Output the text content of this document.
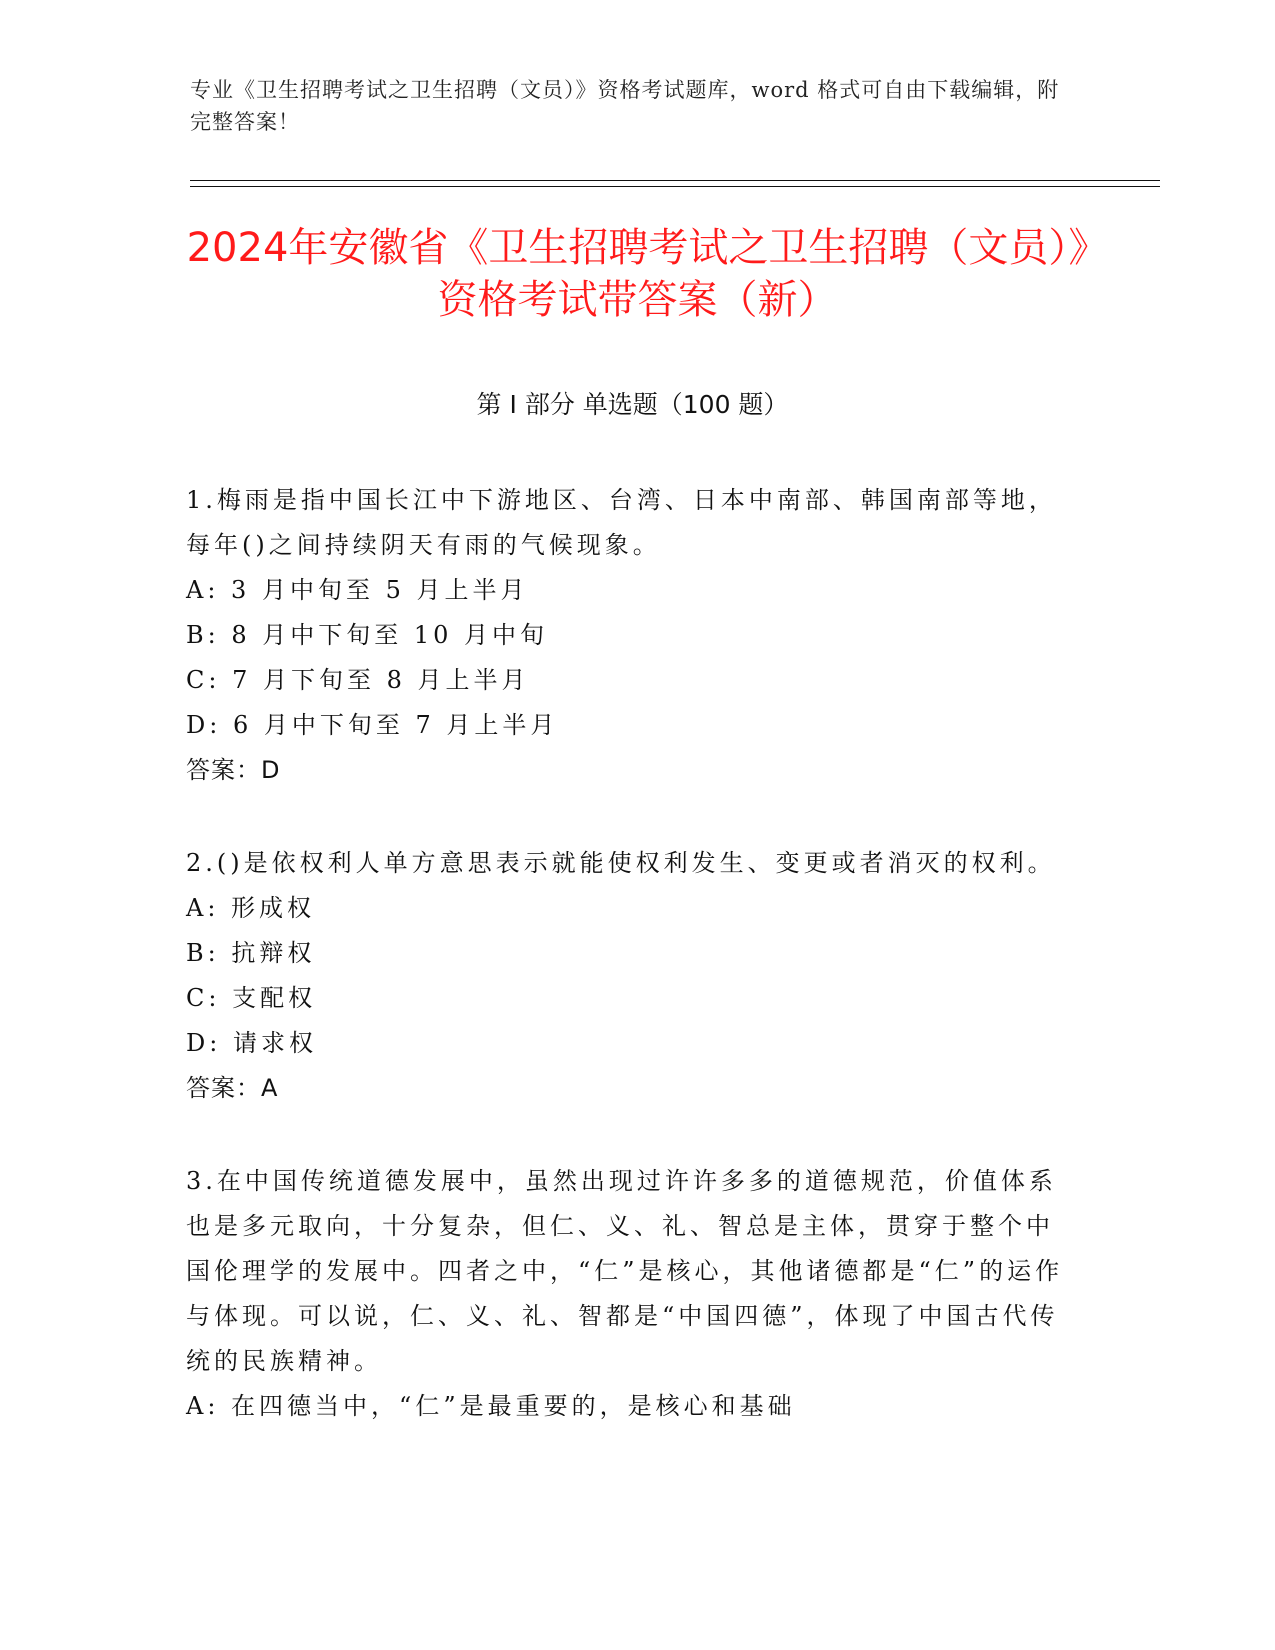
专业《卫生招聘考试之卫生招聘（文员）》资格考试题库，word 格式可自由下载编辑，附完整答案！
2024年安徽省《卫生招聘考试之卫生招聘（文员）》资格考试带答案（新）
第 I 部分 单选题（100 题）

1.梅雨是指中国长江中下游地区、台湾、日本中南部、韩国南部等地，每年()之间持续阴天有雨的气候现象。

A: 3 月中旬至 5 月上半月

B: 8 月中下旬至 10 月中旬

C: 7 月下旬至 8 月上半月

D: 6 月中下旬至 7 月上半月

答案：D

2.()是依权利人单方意思表示就能使权利发生、变更或者消灭的权利。

A: 形成权

B: 抗辩权

C: 支配权

D: 请求权

答案：A

3.在中国传统道德发展中，虽然出现过许许多多的道德规范，价值体系也是多元取向，十分复杂，但仁、义、礼、智总是主体，贯穿于整个中国伦理学的发展中。四者之中，“仁”是核心，其他诸德都是“仁”的运作与体现。可以说，仁、义、礼、智都是“中国四德”，体现了中国古代传统的民族精神。

A: 在四德当中，“仁”是最重要的，是核心和基础
